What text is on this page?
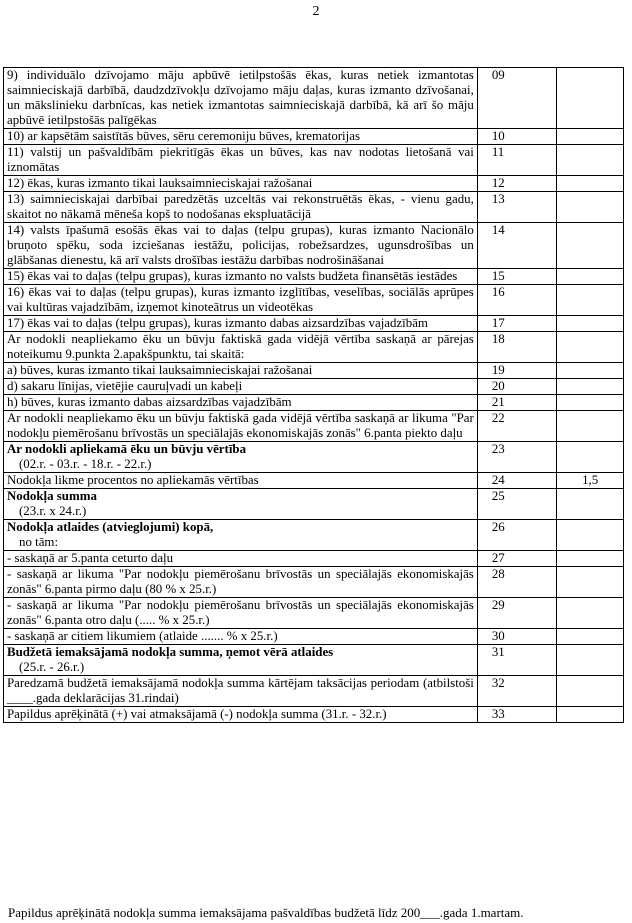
2
9) individuālo dzīvojamo māju apbūvē ietilpstošās ēkas, kuras netiek izmantotas saimnieciskajā darbībā, daudzdzīvokļu dzīvojamo māju daļas, kuras izmanto dzīvošanai, un mākslinieku darbnīcas, kas netiek izmantotas saimnieciskajā darbībā, kā arī šo māju apbūvē ietilpstošās palīgēkas	09	

10) ar kapsētām saistītās būves, sēru ceremoniju būves, krematorijas	10	

11) valstij un pašvaldībām piekritīgās ēkas un būves, kas nav nodotas lietošanā vai iznomātas	11	

12) ēkas, kuras izmanto tikai lauksaimnieciskajai ražošanai	12	

13) saimnieciskajai darbībai paredzētās uzceltās vai rekonstruētās ēkas, - vienu gadu, skaitot no nākamā mēneša kopš to nodošanas ekspluatācijā	13	

14) valsts īpašumā esošās ēkas vai to daļas (telpu grupas), kuras izmanto Nacionālo bruņoto spēku, soda izciešanas iestāžu, policijas, robežsardzes, ugunsdrošības un glābšanas dienestu, kā arī valsts drošības iestāžu darbības nodrošināšanai	14	

15) ēkas vai to daļas (telpu grupas), kuras izmanto no valsts budžeta finansētās iestādes	15	

16) ēkas vai to daļas (telpu grupas), kuras izmanto izglītības, veselības, sociālās aprūpes vai kultūras vajadzībām, izņemot kinoteātrus un videotēkas	16	

17) ēkas vai to daļas (telpu grupas), kuras izmanto dabas aizsardzības vajadzībām	17	

Ar nodokli neapliekamo ēku un būvju faktiskā gada vidējā vērtība saskaņā ar pārejas noteikumu 9.punkta 2.apakšpunktu, tai skaitā:	18	

a) būves, kuras izmanto tikai lauksaimnieciskajai ražošanai	19	

d) sakaru līnijas, vietējie cauruļvadi un kabeļi	20	

h) būves, kuras izmanto dabas aizsardzības vajadzībām	21	

Ar nodokli neapliekamo ēku un būvju faktiskā gada vidējā vērtība saskaņā ar likuma "Par nodokļu piemērošanu brīvostās un speciālajās ekonomiskajās zonās" 6.panta piekto daļu	22	

Ar nodokli apliekamā ēku un būvju vērtība
(02.r. - 03.r. - 18.r. - 22.r.)	23	

Nodokļa likme procentos no apliekamās vērtības	24	1,5

Nodokļa summa
(23.r. x 24.r.)	25	

Nodokļa atlaides (atvieglojumi) kopā,
no tām:	26	

- saskaņā ar 5.panta ceturto daļu	27	

- saskaņā ar likuma "Par nodokļu piemērošanu brīvostās un speciālajās ekonomiskajās zonās" 6.panta pirmo daļu (80 % x 25.r.)	28	

- saskaņā ar likuma "Par nodokļu piemērošanu brīvostās un speciālajās ekonomiskajās zonās" 6.panta otro daļu (..... % x 25.r.)	29	

- saskaņā ar citiem likumiem (atlaide ....... % x 25.r.)	30	

Budžetā iemaksājamā nodokļa summa, ņemot vērā atlaides
(25.r. - 26.r.)	31	

Paredzamā budžetā iemaksājamā nodokļa summa kārtējam taksācijas periodam (atbilstoši ____.gada deklarācijas 31.rindai)	32	

Papildus aprēķinātā (+) vai atmaksājamā (-) nodokļa summa (31.r. - 32.r.)	33	
Papildus aprēķinātā nodokļa summa iemaksājama pašvaldības budžetā līdz 200___.gada 1.martam.
